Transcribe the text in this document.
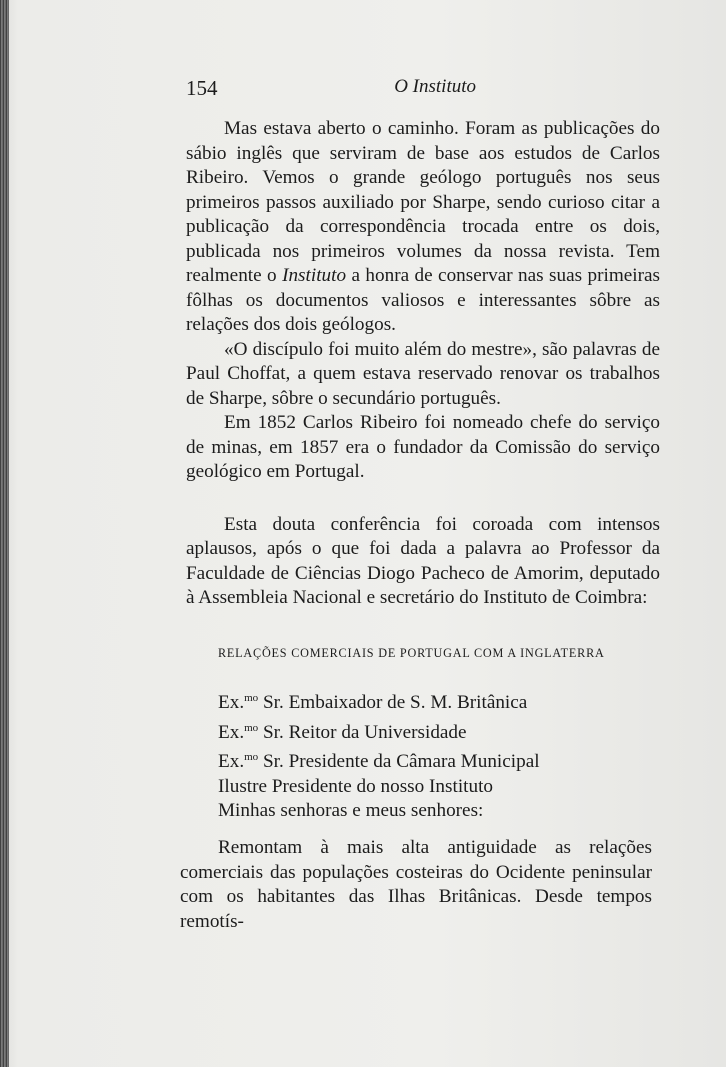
154	O Instituto

Mas estava aberto o caminho. Foram as publicações do sábio inglês que serviram de base aos estudos de Carlos Ribeiro. Vemos o grande geólogo português nos seus primeiros passos auxiliado por Sharpe, sendo curioso citar a publicação da correspondência trocada entre os dois, publicada nos primeiros volumes da nossa revista. Tem realmente o Instituto a honra de conservar nas suas primeiras fôlhas os documentos valiosos e interessantes sôbre as relações dos dois geólogos.

«O discípulo foi muito além do mestre», são palavras de Paul Choffat, a quem estava reservado renovar os trabalhos de Sharpe, sôbre o secundário português.

Em 1852 Carlos Ribeiro foi nomeado chefe do serviço de minas, em 1857 era o fundador da Comissão do serviço geológico em Portugal.

Esta douta conferência foi coroada com intensos aplausos, após o que foi dada a palavra ao Professor da Faculdade de Ciências Diogo Pacheco de Amorim, deputado à Assembleia Nacional e secretário do Instituto de Coimbra:

RELAÇÕES COMERCIAIS DE PORTUGAL COM A INGLATERRA
Ex.$^{mo}$ Sr. Embaixador de S. M. Britânica
Ex.$^{mo}$ Sr. Reitor da Universidade
Ex.$^{mo}$ Sr. Presidente da Câmara Municipal
Ilustre Presidente do nosso Instituto
Minhas senhoras e meus senhores:

Remontam à mais alta antiguidade as relações comerciais das populações costeiras do Ocidente peninsular com os habitantes das Ilhas Britânicas. Desde tempos remotís-
